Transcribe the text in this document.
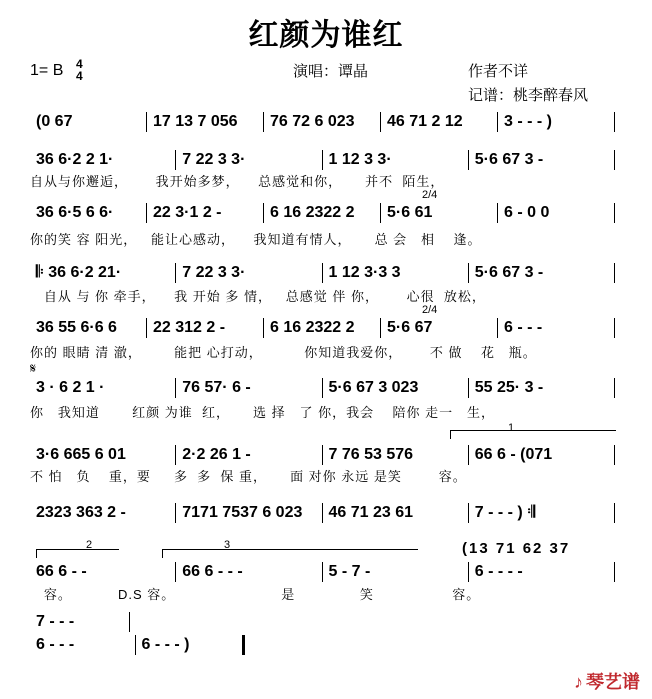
红颜为谁红
1= B 4
4	演唱：谭晶	作者不详
记谱：桃李醉春风
(0 67	17 13 7 056	76 72 6 023	46 71 2 12	3 - - - )
36 6·2 2 1·	7 22 3 3·	1 12 3 3·	5·6 67 3 -
自从与你邂逅，      我开始多梦，    总感觉和你，     并不  陌生，
36 6·5 6 6·	22 3·1 2 -	6 16 2322 2	5·6 61	6 - 0 0
你的笑 容 阳光，   能让心感动，    我知道有情人，     总 会   相    逢。
𝄆 36 6·2 21·	7 22 3 3·	1 12 3·3 3	5·6 67 3 -
自从 与 你 牵手，    我 开始 多 情，   总感觉 伴 你，      心很  放松，
36 55 6·6 6	22 312 2 -	6 16 2322 2	5·6 67	6 - - -
你的 眼睛 清 澈，       能把 心打动，         你知道我爱你，      不 做    花   瓶。
3 · 6 2 1 ·	76 57· 6 -	5·6 67 3 023	55 25· 3 -
你   我知道       红颜 为谁  红，     选 择   了 你，我会    陪你 走一   生，
3·6 665 6 01	2·2 26 1 -	7 76 53 576	66 6 - (071
不 怕   负    重，要     多  多  保 重，     面 对你 永远 是笑        容。
2323 363 2 -	7171 7537 6 023	46 71 23 61	7 - - - ) 𝄇
66 6 - -	66 6 - - -	5 - 7 -	6 - - - -
容。          D.S 容。                       是              笑                 容。
7 - - -
6 - - -	6 - - - )
2/4
2/4
𝄋
1
2	3	(13 71 62 37
♪ 琴艺谱
